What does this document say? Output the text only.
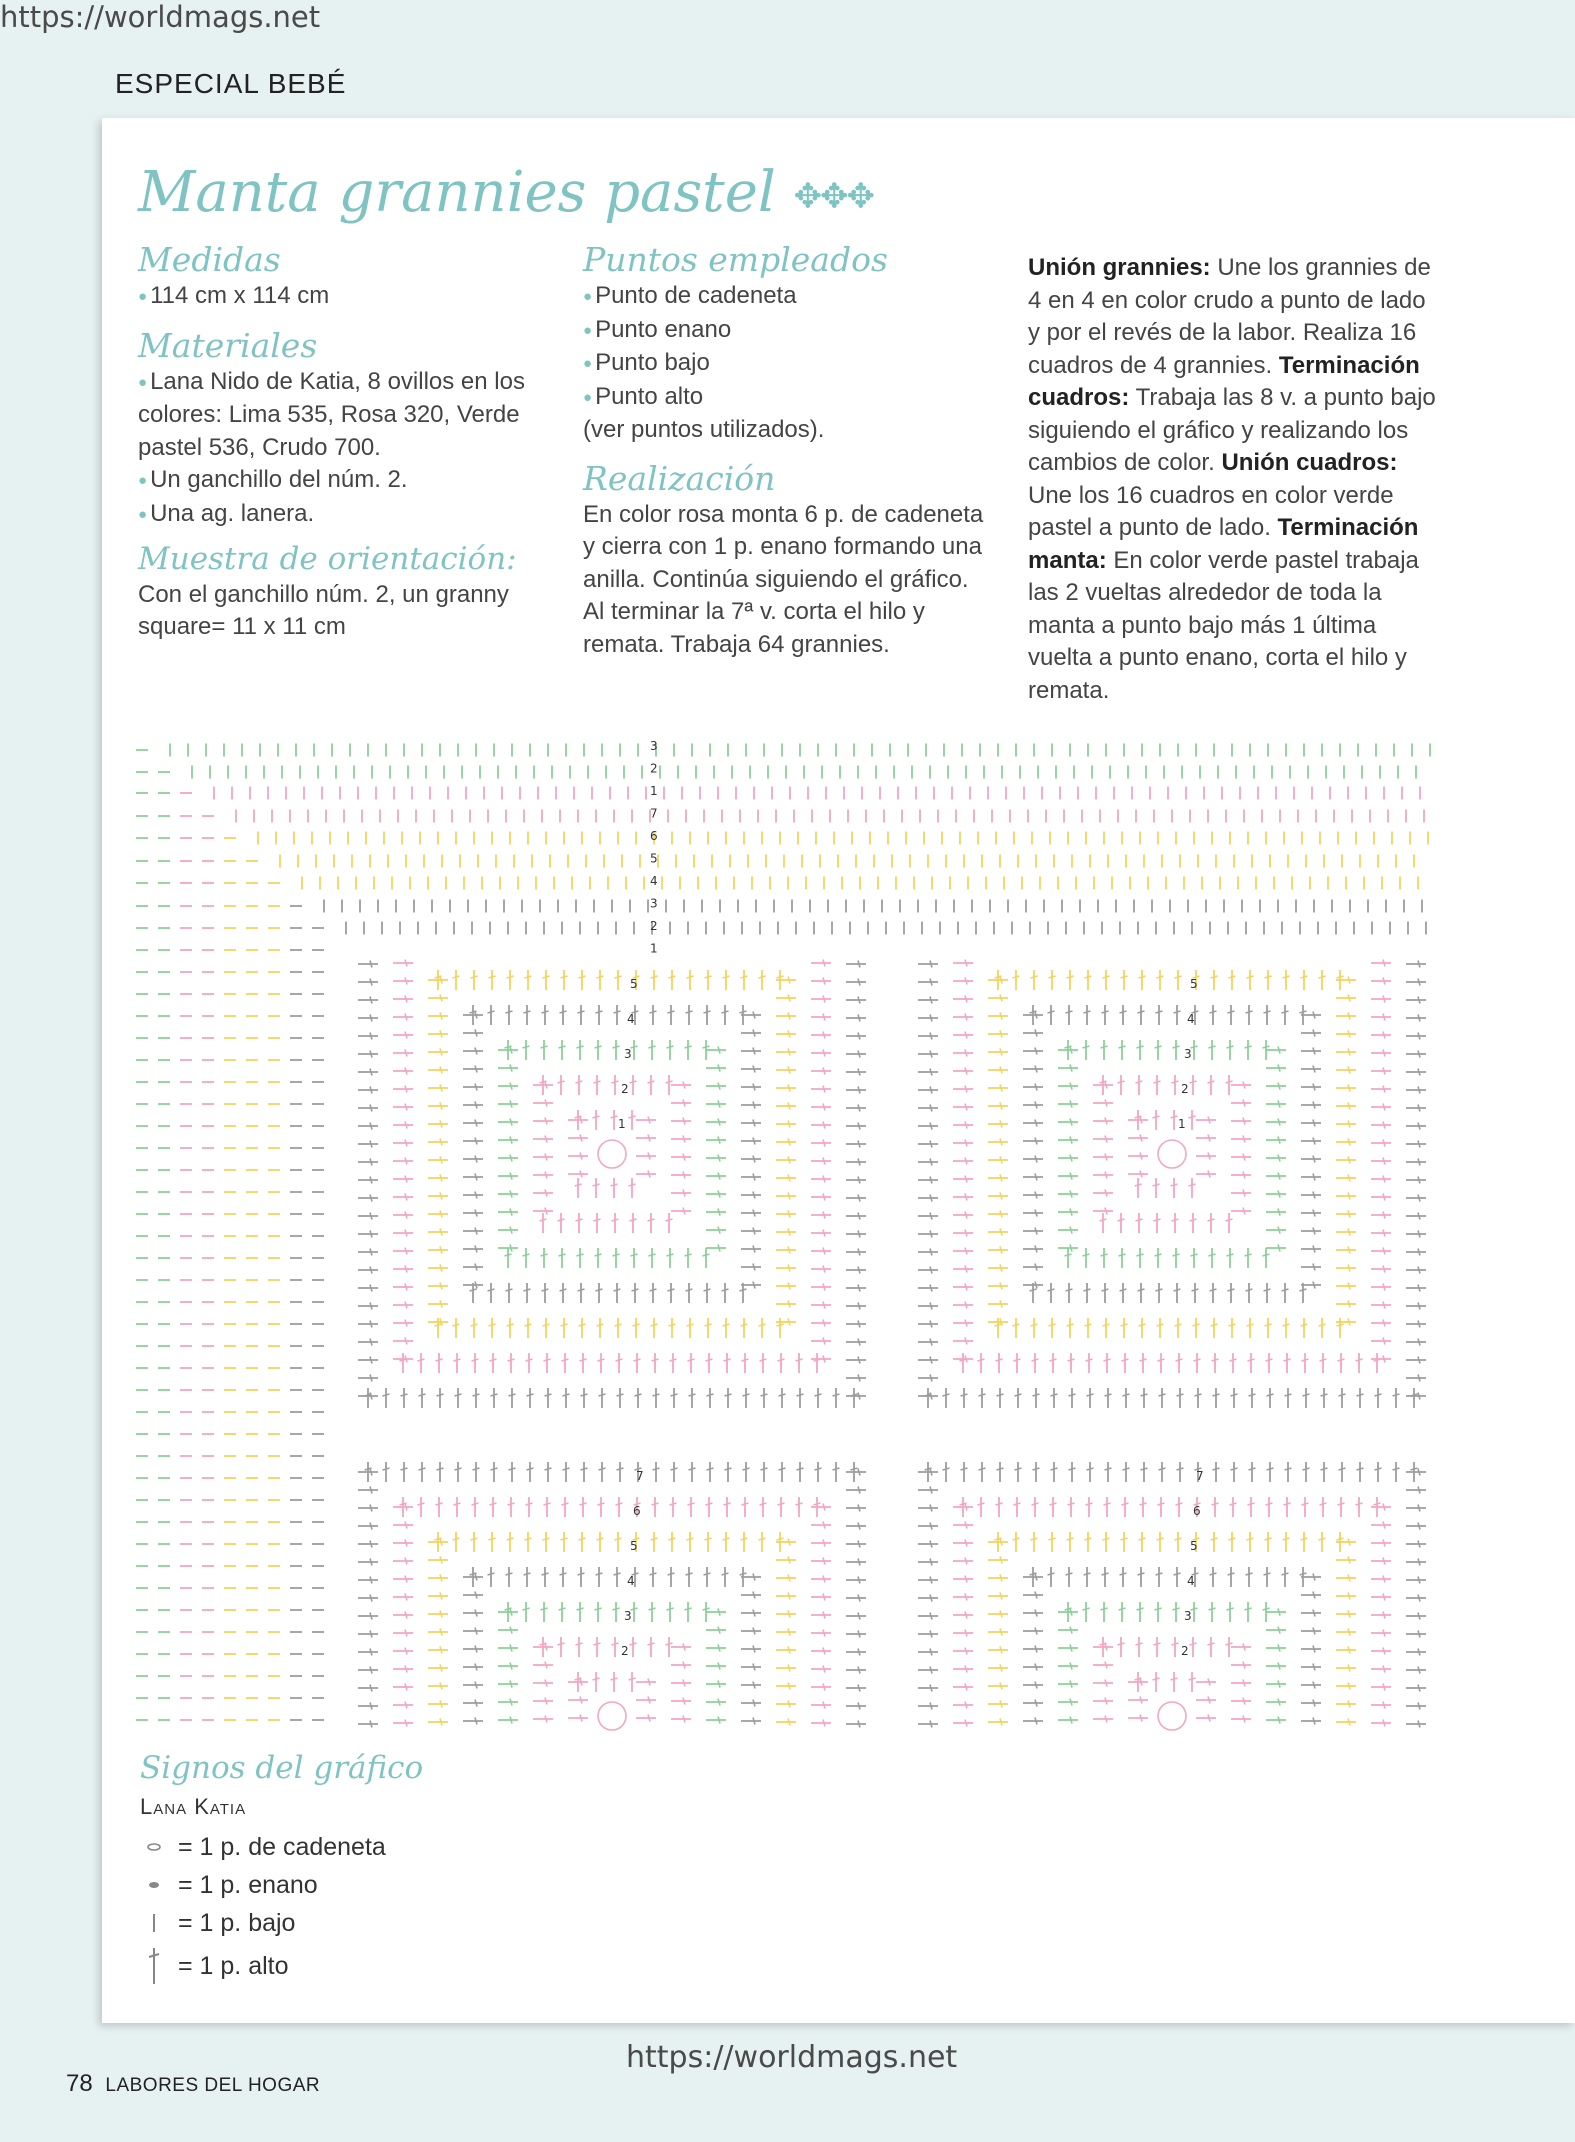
https://worldmags.net
ESPECIAL BEBÉ
Manta grannies pastel ✥✥✥
Medidas

● 114 cm x 114 cm

Materiales

● Lana Nido de Katia, 8 ovillos en los colores: Lima 535, Rosa 320, Verde pastel 536, Crudo 700.

● Un ganchillo del núm. 2.

● Una ag. lanera.

Muestra de orientación: Con el ganchillo núm. 2, un granny square= 11 x 11 cm

Puntos empleados

● Punto de cadeneta

● Punto enano

● Punto bajo

● Punto alto

(ver puntos utilizados).

Realización

En color rosa monta 6 p. de cadeneta y cierra con 1 p. enano formando una anilla. Continúa siguiendo el gráfico. Al terminar la 7ª v. corta el hilo y remata. Trabaja 64 grannies.

Unión grannies: Une los grannies de 4 en 4 en color crudo a punto de lado y por el revés de la labor. Realiza 16 cuadros de 4 grannies. Terminación cuadros: Trabaja las 8 v. a punto bajo siguiendo el gráfico y realizando los cambios de color. Unión cuadros: Une los 16 cuadros en color verde pastel a punto de lado. Terminación manta: En color verde pastel trabaja las 2 vueltas alrededor de toda la manta a punto bajo más 1 última vuelta a punto enano, corta el hilo y remata.

3
2
1
7
6
5
4
3
2
1
1
2
3
4
5
1
2
3
4
5
2
3
4
5
6
7
2
3
4
5
6
7
Signos del gráfico
Lana Katia
= 1 p. de cadeneta
= 1 p. enano
= 1 p. bajo
= 1 p. alto
https://worldmags.net
78 LABORES DEL HOGAR
